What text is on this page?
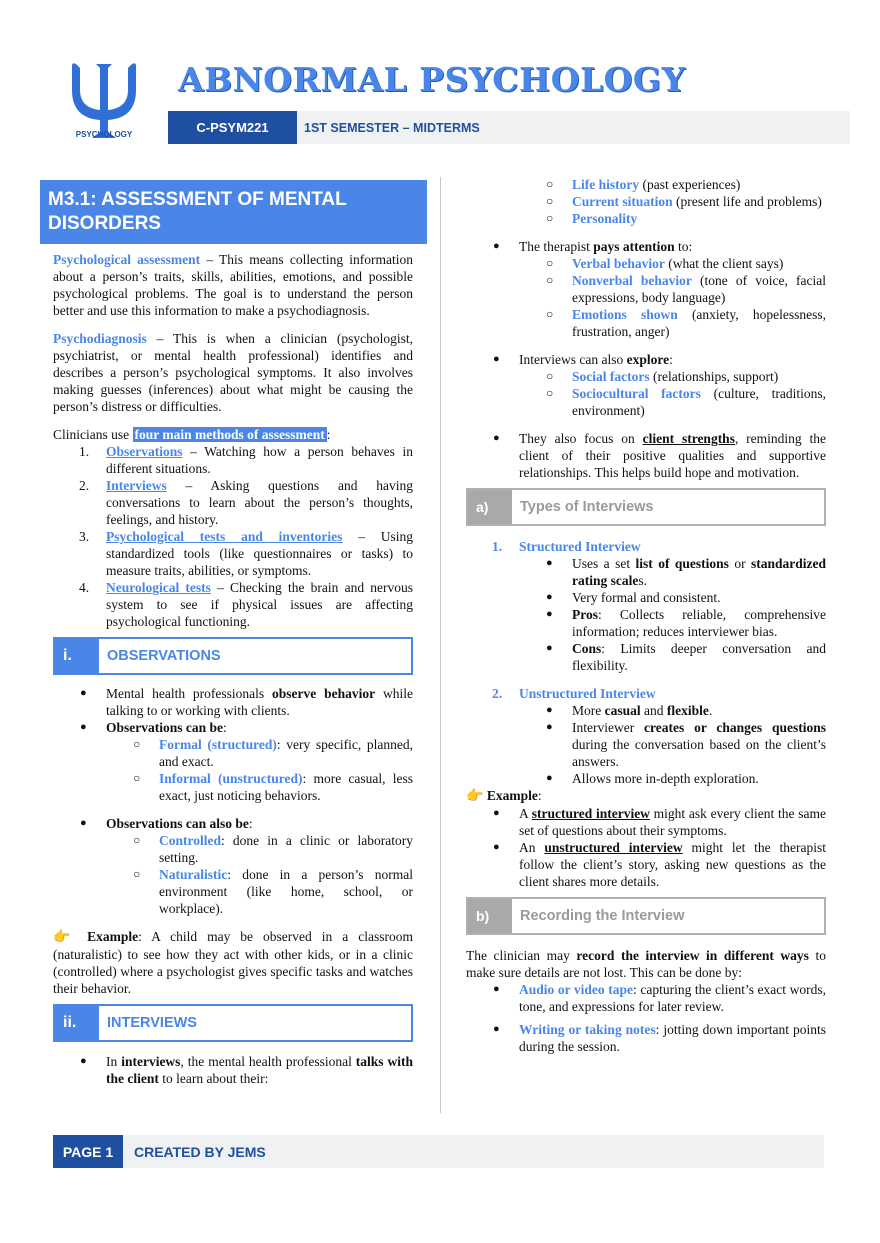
PSYCHOLOGY
ABNORMAL PSYCHOLOGY
C-PSYM221	1ST SEMESTER – MIDTERMS
M3.1: ASSESSMENT OF MENTAL DISORDERS

Psychological assessment – This means collecting information about a person’s traits, skills, abilities, emotions, and possible psychological problems. The goal is to understand the person better and use this information to make a psychodiagnosis.

Psychodiagnosis – This is when a clinician (psychologist, psychiatrist, or mental health professional) identifies and describes a person’s psychological symptoms. It also involves making guesses (inferences) about what might be causing the person’s distress or difficulties.

Clinicians use four main methods of assessment :

1. Observations – Watching how a person behaves in different situations.
2. Interviews – Asking questions and having conversations to learn about the person’s thoughts, feelings, and history.
3. Psychological tests and inventories – Using standardized tools (like questionnaires or tasks) to measure traits, abilities, or symptoms.
4. Neurological tests – Checking the brain and nervous system to see if physical issues are affecting psychological functioning.
i.	OBSERVATIONS
● Mental health professionals observe behavior while talking to or working with clients.
● Observations can be:
○ Formal (structured): very specific, planned, and exact.
○ Informal (unstructured): more casual, less exact, just noticing behaviors.
● Observations can also be:
○ Controlled: done in a clinic or laboratory setting.
○ Naturalistic: done in a person’s normal environment (like home, school, or workplace).

👉 Example: A child may be observed in a classroom (naturalistic) to see how they act with other kids, or in a clinic (controlled) where a psychologist gives specific tasks and watches their behavior.

ii.	INTERVIEWS
● In interviews, the mental health professional talks with the client to learn about their:
○ Life history (past experiences)
○ Current situation (present life and problems)
○ Personality
● The therapist pays attention to:
○ Verbal behavior (what the client says)
○ Nonverbal behavior (tone of voice, facial expressions, body language)
○ Emotions shown (anxiety, hopelessness, frustration, anger)
● Interviews can also explore:
○ Social factors (relationships, support)
○ Sociocultural factors (culture, traditions, environment)
● They also focus on client strengths, reminding the client of their positive qualities and supportive relationships. This helps build hope and motivation.
a)	Types of Interviews
1. Structured Interview
● Uses a set list of questions or standardized rating scales.
● Very formal and consistent.
● Pros: Collects reliable, comprehensive information; reduces interviewer bias.
● Cons: Limits deeper conversation and flexibility.
2. Unstructured Interview
● More casual and flexible.
● Interviewer creates or changes questions during the conversation based on the client’s answers.
● Allows more in-depth exploration.

👉 Example:

● A structured interview might ask every client the same set of questions about their symptoms.
● An unstructured interview might let the therapist follow the client’s story, asking new questions as the client shares more details.
b)	Recording the Interview

The clinician may record the interview in different ways to make sure details are not lost. This can be done by:

● Audio or video tape: capturing the client’s exact words, tone, and expressions for later review.
● Writing or taking notes: jotting down important points during the session.
PAGE 1	CREATED BY JEMS
